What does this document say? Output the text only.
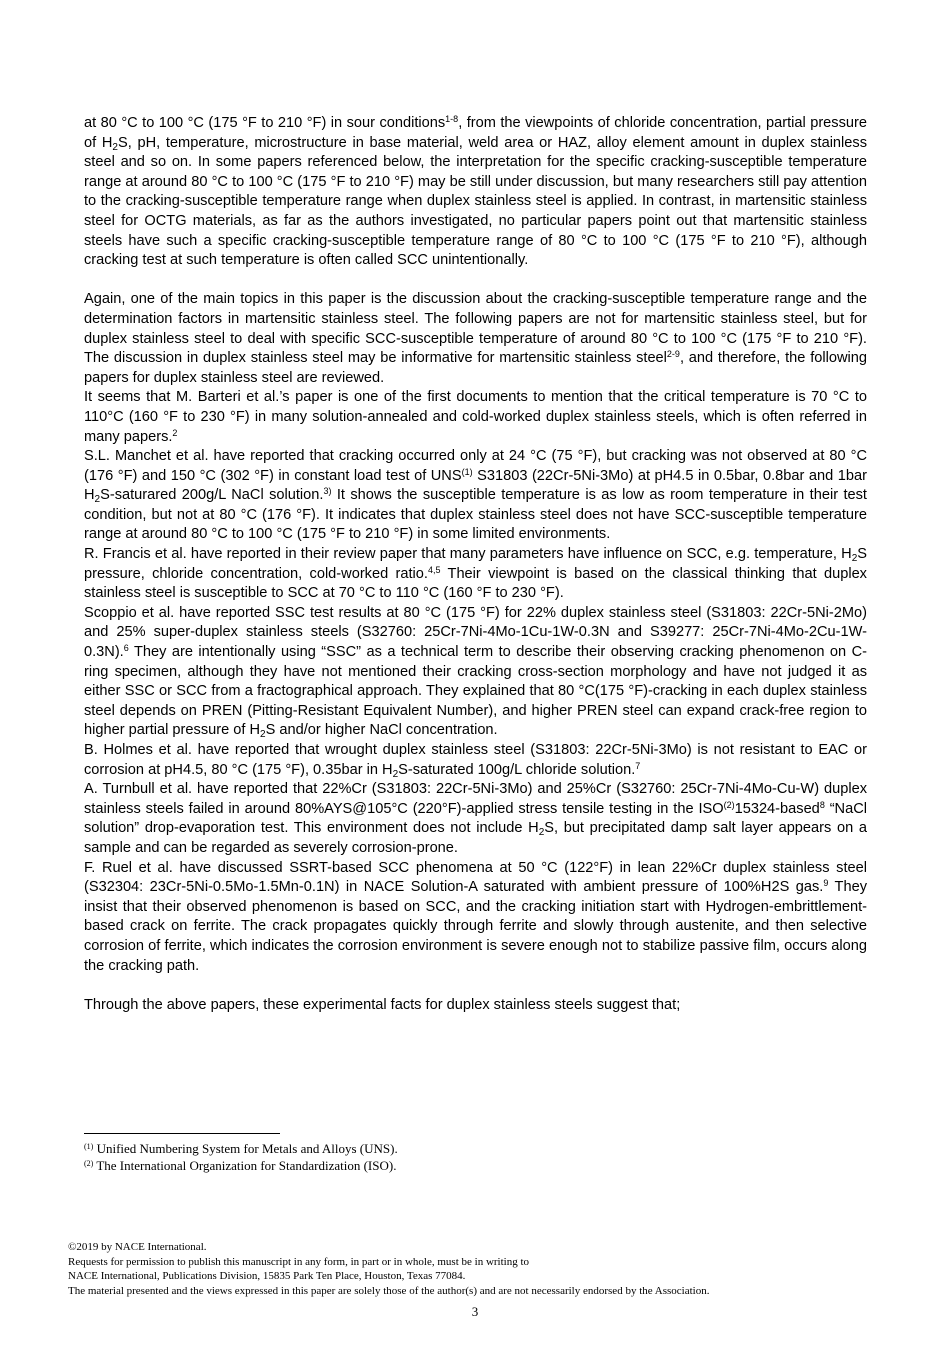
at 80 °C to 100 °C (175 °F to 210 °F) in sour conditions$^{1-8}$, from the viewpoints of chloride concentration, partial pressure of $H_2S$, pH, temperature, microstructure in base material, weld area or HAZ, alloy element amount in duplex stainless steel and so on. In some papers referenced below, the interpretation for the specific cracking-susceptible temperature range at around 80 °C to 100 °C (175 °F to 210 °F) may be still under discussion, but many researchers still pay attention to the cracking-susceptible temperature range when duplex stainless steel is applied. In contrast, in martensitic stainless steel for OCTG materials, as far as the authors investigated, no particular papers point out that martensitic stainless steels have such a specific cracking-susceptible temperature range of 80 °C to 100 °C (175 °F to 210 °F), although cracking test at such temperature is often called SCC unintentionally.

Again, one of the main topics in this paper is the discussion about the cracking-susceptible temperature range and the determination factors in martensitic stainless steel. The following papers are not for martensitic stainless steel, but for duplex stainless steel to deal with specific SCC-susceptible temperature of around 80 °C to 100 °C (175 °F to 210 °F). The discussion in duplex stainless steel may be informative for martensitic stainless steel$^{2-9}$, and therefore, the following papers for duplex stainless steel are reviewed.

It seems that M. Barteri et al.’s paper is one of the first documents to mention that the critical temperature is 70 °C to 110°C (160 °F to 230 °F) in many solution-annealed and cold-worked duplex stainless steels, which is often referred in many papers.$^2$

S.L. Manchet et al. have reported that cracking occurred only at 24 °C (75 °F), but cracking was not observed at 80 °C (176 °F) and 150 °C (302 °F) in constant load test of UNS$^{(1)}$ S31803 (22Cr-5Ni-3Mo) at pH4.5 in 0.5bar, 0.8bar and 1bar $H_2S$-saturared 200g/L NaCl solution.$^{3)}$ It shows the susceptible temperature is as low as room temperature in their test condition, but not at 80 °C (176 °F). It indicates that duplex stainless steel does not have SCC-susceptible temperature range at around 80 °C to 100 °C (175 °F to 210 °F) in some limited environments.

R. Francis et al. have reported in their review paper that many parameters have influence on SCC, e.g. temperature, $H_2S$ pressure, chloride concentration, cold-worked ratio.$^{4,5}$ Their viewpoint is based on the classical thinking that duplex stainless steel is susceptible to SCC at 70 °C to 110 °C (160 °F to 230 °F).

Scoppio et al. have reported SSC test results at 80 °C (175 °F) for 22% duplex stainless steel (S31803: 22Cr-5Ni-2Mo) and 25% super-duplex stainless steels (S32760: 25Cr-7Ni-4Mo-1Cu-1W-0.3N and S39277: 25Cr-7Ni-4Mo-2Cu-1W-0.3N).$^6$ They are intentionally using “SSC” as a technical term to describe their observing cracking phenomenon on C-ring specimen, although they have not mentioned their cracking cross-section morphology and have not judged it as either SSC or SCC from a fractographical approach. They explained that 80 °C(175 °F)-cracking in each duplex stainless steel depends on PREN (Pitting-Resistant Equivalent Number), and higher PREN steel can expand crack-free region to higher partial pressure of $H_2S$ and/or higher NaCl concentration.

B. Holmes et al. have reported that wrought duplex stainless steel (S31803: 22Cr-5Ni-3Mo) is not resistant to EAC or corrosion at pH4.5, 80 °C (175 °F), 0.35bar in $H_2S$-saturated 100g/L chloride solution.$^7$

A. Turnbull et al. have reported that 22%Cr (S31803: 22Cr-5Ni-3Mo) and 25%Cr (S32760: 25Cr-7Ni-4Mo-Cu-W) duplex stainless steels failed in around 80%AYS@105°C (220°F)-applied stress tensile testing in the ISO$^{(2)}$15324-based$^8$ “NaCl solution” drop-evaporation test. This environment does not include $H_2S$, but precipitated damp salt layer appears on a sample and can be regarded as severely corrosion-prone.

F. Ruel et al. have discussed SSRT-based SCC phenomena at 50 °C (122°F) in lean 22%Cr duplex stainless steel (S32304: 23Cr-5Ni-0.5Mo-1.5Mn-0.1N) in NACE Solution-A saturated with ambient pressure of 100%H2S gas.$^9$ They insist that their observed phenomenon is based on SCC, and the cracking initiation start with Hydrogen-embrittlement-based crack on ferrite. The crack propagates quickly through ferrite and slowly through austenite, and then selective corrosion of ferrite, which indicates the corrosion environment is severe enough not to stabilize passive film, occurs along the cracking path.

Through the above papers, these experimental facts for duplex stainless steels suggest that;

$^{(1)}$ Unified Numbering System for Metals and Alloys (UNS).

$^{(2)}$ The International Organization for Standardization (ISO).

©2019 by NACE International.

Requests for permission to publish this manuscript in any form, in part or in whole, must be in writing to

NACE International, Publications Division, 15835 Park Ten Place, Houston, Texas 77084.

The material presented and the views expressed in this paper are solely those of the author(s) and are not necessarily endorsed by the Association.

3
